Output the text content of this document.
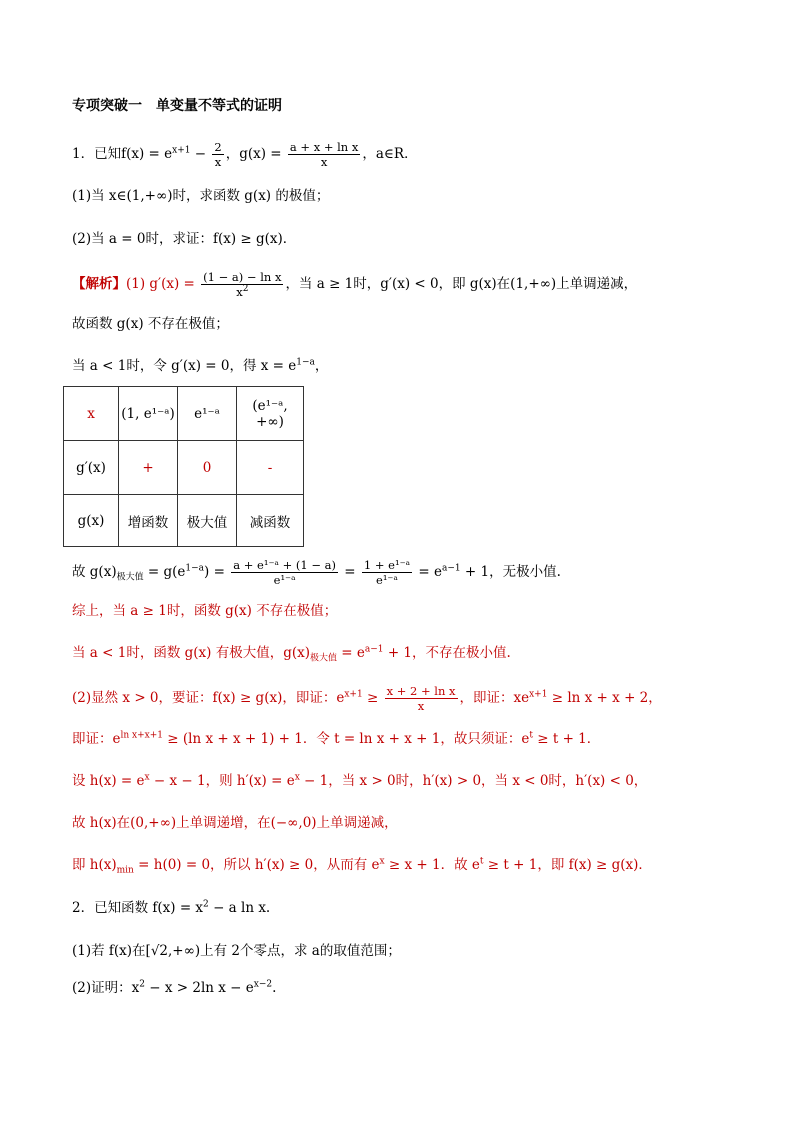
专项突破一　单变量不等式的证明
1．已知$f(x) = e^{x+1} - \frac{2}{x}$ ，$g(x) = \frac{\text{a + x + ln x}}{x}$ ，a∈R．
(1)当 x∈(1,+∞)时，求函数 g(x) 的极值；
(2)当 a = 0时，求证：f(x) ≥ g(x)．
【解析】(1) $g'(x) = \frac{\text{(1 − a) − ln x}}{x^2}$ ，当 a ≥ 1时，g′(x) < 0，即 g(x)在(1,+∞)上单调递减，
故函数 g(x) 不存在极值；
当 a < 1时，令 g′(x) = 0，得 $x = e^{1-a}$，
x	(1, e¹⁻ᵃ)	e¹⁻ᵃ	(e¹⁻ᵃ, +∞)
g′(x)	+	0	-
g(x)	增函数	极大值	减函数
故 $g(x)_{极大值} = g(e^{1-a}) = \frac{\text{a + e¹⁻ᵃ + (1 − a)}}{\text{e¹⁻ᵃ}} = \frac{\text{1 + e¹⁻ᵃ}}{\text{e¹⁻ᵃ}} = e^{a-1} + 1$，无极小值.
综上，当 a ≥ 1时，函数 g(x) 不存在极值；
当 a < 1时，函数 g(x) 有极大值，$g(x)_{极大值} = e^{a-1} + 1$，不存在极小值.
(2)显然 x > 0，要证：f(x) ≥ g(x)，即证：$e^{x+1} \ge \frac{\text{x + 2 + ln x}}{x}$ ，即证：$xe^{x+1} \ge \ln x + x + 2$，
即证：$e^{ln x+x+1} \ge (\ln$ x + x + 1) + 1．令 t = ln x + x + 1，故只须证：$e^t \ge t + 1$．
设 $h(x) = e^x - x - 1$，则 $h'(x) = e^x - 1$，当 x > 0时，h′(x) > 0，当 x < 0时，h′(x) < 0，
故 h(x)在(0,+∞)上单调递增，在(−∞,0)上单调递减，
即 $h(x)_{min} = h(0) = 0$，所以 h′(x) ≥ 0，从而有 $e^x \ge x + 1$．故 $e^t \ge t + 1$，即 f(x) ≥ g(x)．
2．已知函数 $f(x) = x^2 - a$ ln x.
(1)若 f(x)在[√2,+∞)上有 2个零点，求 a的取值范围；
(2)证明：$x^2 - x > 2\ln$ $x - e^{x-2}$.
